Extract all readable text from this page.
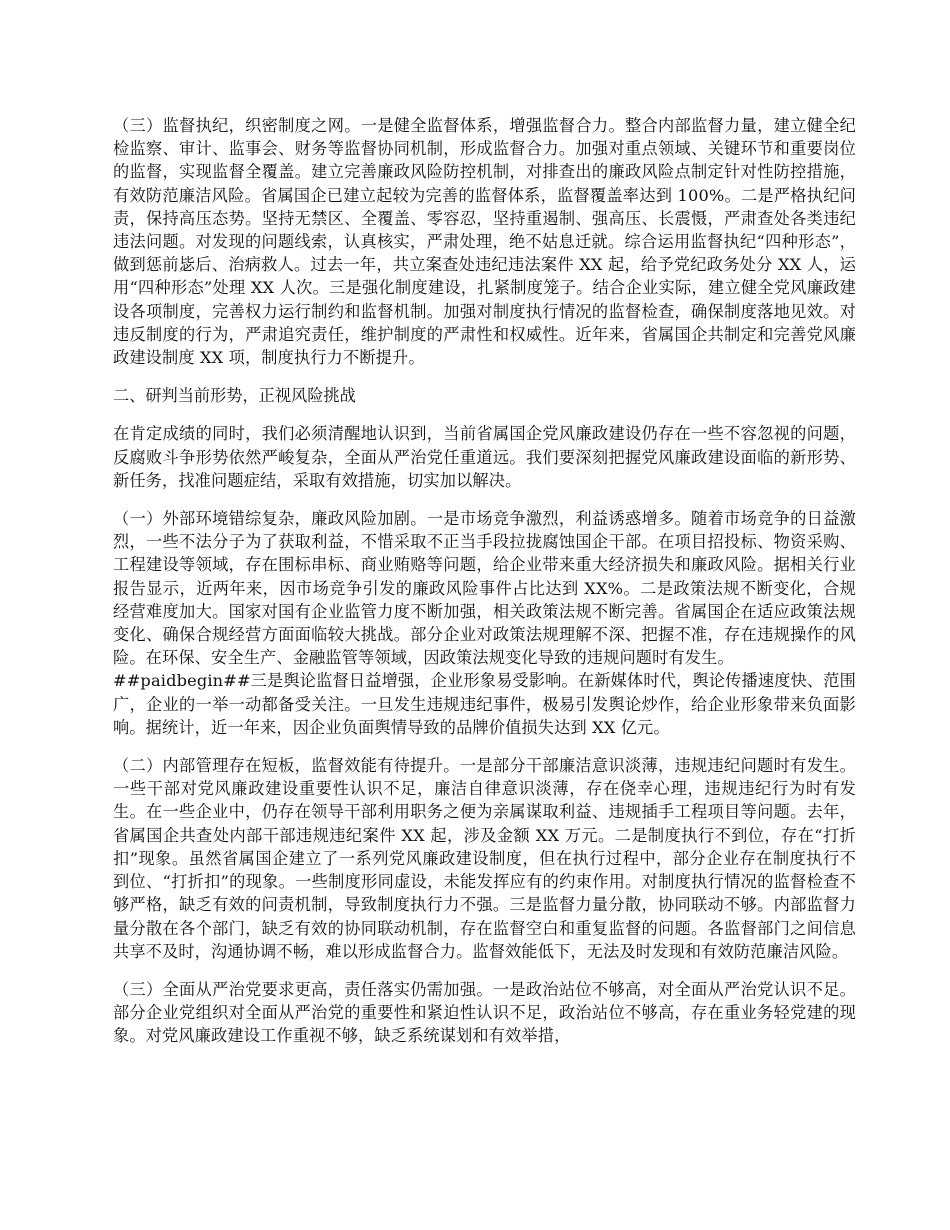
（三）监督执纪，织密制度之网。一是健全监督体系，增强监督合力。整合内部监督力量，建立健全纪检监察、审计、监事会、财务等监督协同机制，形成监督合力。加强对重点领域、关键环节和重要岗位的监督，实现监督全覆盖。建立完善廉政风险防控机制，对排查出的廉政风险点制定针对性防控措施，有效防范廉洁风险。省属国企已建立起较为完善的监督体系，监督覆盖率达到 100%。二是严格执纪问责，保持高压态势。坚持无禁区、全覆盖、零容忍，坚持重遏制、强高压、长震慑，严肃查处各类违纪违法问题。对发现的问题线索，认真核实，严肃处理，绝不姑息迁就。综合运用监督执纪“四种形态”，做到惩前毖后、治病救人。过去一年，共立案查处违纪违法案件 XX 起，给予党纪政务处分 XX 人，运用“四种形态”处理 XX 人次。三是强化制度建设，扎紧制度笼子。结合企业实际，建立健全党风廉政建设各项制度，完善权力运行制约和监督机制。加强对制度执行情况的监督检查，确保制度落地见效。对违反制度的行为，严肃追究责任，维护制度的严肃性和权威性。近年来，省属国企共制定和完善党风廉政建设制度 XX 项，制度执行力不断提升。

二、研判当前形势，正视风险挑战

在肯定成绩的同时，我们必须清醒地认识到，当前省属国企党风廉政建设仍存在一些不容忽视的问题，反腐败斗争形势依然严峻复杂，全面从严治党任重道远。我们要深刻把握党风廉政建设面临的新形势、新任务，找准问题症结，采取有效措施，切实加以解决。

（一）外部环境错综复杂，廉政风险加剧。一是市场竞争激烈，利益诱惑增多。随着市场竞争的日益激烈，一些不法分子为了获取利益，不惜采取不正当手段拉拢腐蚀国企干部。在项目招投标、物资采购、工程建设等领域，存在围标串标、商业贿赂等问题，给企业带来重大经济损失和廉政风险。据相关行业报告显示，近两年来，因市场竞争引发的廉政风险事件占比达到 XX%。二是政策法规不断变化，合规经营难度加大。国家对国有企业监管力度不断加强，相关政策法规不断完善。省属国企在适应政策法规变化、确保合规经营方面面临较大挑战。部分企业对政策法规理解不深、把握不准，存在违规操作的风险。在环保、安全生产、金融监管等领域，因政策法规变化导致的违规问题时有发生。
##paidbegin##三是舆论监督日益增强，企业形象易受影响。在新媒体时代，舆论传播速度快、范围广，企业的一举一动都备受关注。一旦发生违规违纪事件，极易引发舆论炒作，给企业形象带来负面影响。据统计，近一年来，因企业负面舆情导致的品牌价值损失达到 XX 亿元。

（二）内部管理存在短板，监督效能有待提升。一是部分干部廉洁意识淡薄，违规违纪问题时有发生。一些干部对党风廉政建设重要性认识不足，廉洁自律意识淡薄，存在侥幸心理，违规违纪行为时有发生。在一些企业中，仍存在领导干部利用职务之便为亲属谋取利益、违规插手工程项目等问题。去年，省属国企共查处内部干部违规违纪案件 XX 起，涉及金额 XX 万元。二是制度执行不到位，存在“打折扣”现象。虽然省属国企建立了一系列党风廉政建设制度，但在执行过程中，部分企业存在制度执行不到位、“打折扣”的现象。一些制度形同虚设，未能发挥应有的约束作用。对制度执行情况的监督检查不够严格，缺乏有效的问责机制，导致制度执行力不强。三是监督力量分散，协同联动不够。内部监督力量分散在各个部门，缺乏有效的协同联动机制，存在监督空白和重复监督的问题。各监督部门之间信息共享不及时，沟通协调不畅，难以形成监督合力。监督效能低下，无法及时发现和有效防范廉洁风险。

（三）全面从严治党要求更高，责任落实仍需加强。一是政治站位不够高，对全面从严治党认识不足。部分企业党组织对全面从严治党的重要性和紧迫性认识不足，政治站位不够高，存在重业务轻党建的现象。对党风廉政建设工作重视不够，缺乏系统谋划和有效举措，
